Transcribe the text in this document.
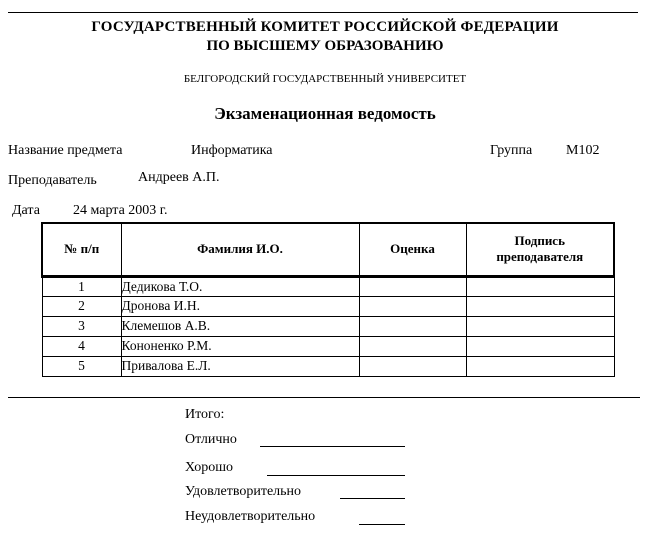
ГОСУДАРСТВЕННЫЙ КОМИТЕТ РОССИЙСКОЙ ФЕДЕРАЦИИ
ПО ВЫСШЕМУ ОБРАЗОВАНИЮ
БЕЛГОРОДСКИЙ ГОСУДАРСТВЕННЫЙ УНИВЕРСИТЕТ
Экзаменационная ведомость
Название предмета	Информатика	Группа М102
Преподаватель	Андреев А.П.
Дата 24 марта 2003 г.
№ п/п	Фамилия И.О.	Оценка	Подпись преподавателя
1	Дедикова Т.О.		
2	Дронова И.Н.		
3	Клемешов А.В.		
4	Кононенко Р.М.		
5	Привалова Е.Л.		
Итого:
Отлично
Хорошо
Удовлетворительно
Неудовлетворительно
